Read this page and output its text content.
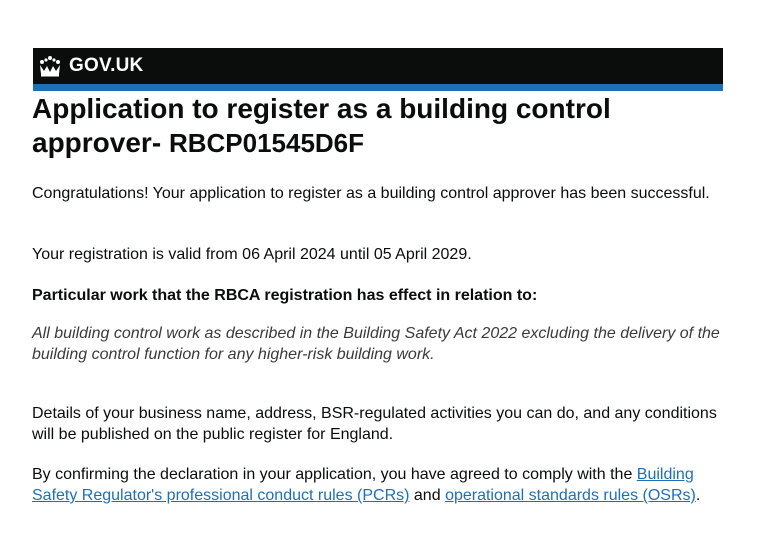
GOV.UK
Application to register as a building control approver- RBCP01545D6F

Congratulations! Your application to register as a building control approver has been successful.

Your registration is valid from 06 April 2024 until 05 April 2029.

Particular work that the RBCA registration has effect in relation to:

All building control work as described in the Building Safety Act 2022 excluding the delivery of the building control function for any higher-risk building work.

Details of your business name, address, BSR-regulated activities you can do, and any conditions will be published on the public register for England.

By confirming the declaration in your application, you have agreed to comply with the Building Safety Regulator's professional conduct rules (PCRs) and operational standards rules (OSRs).
